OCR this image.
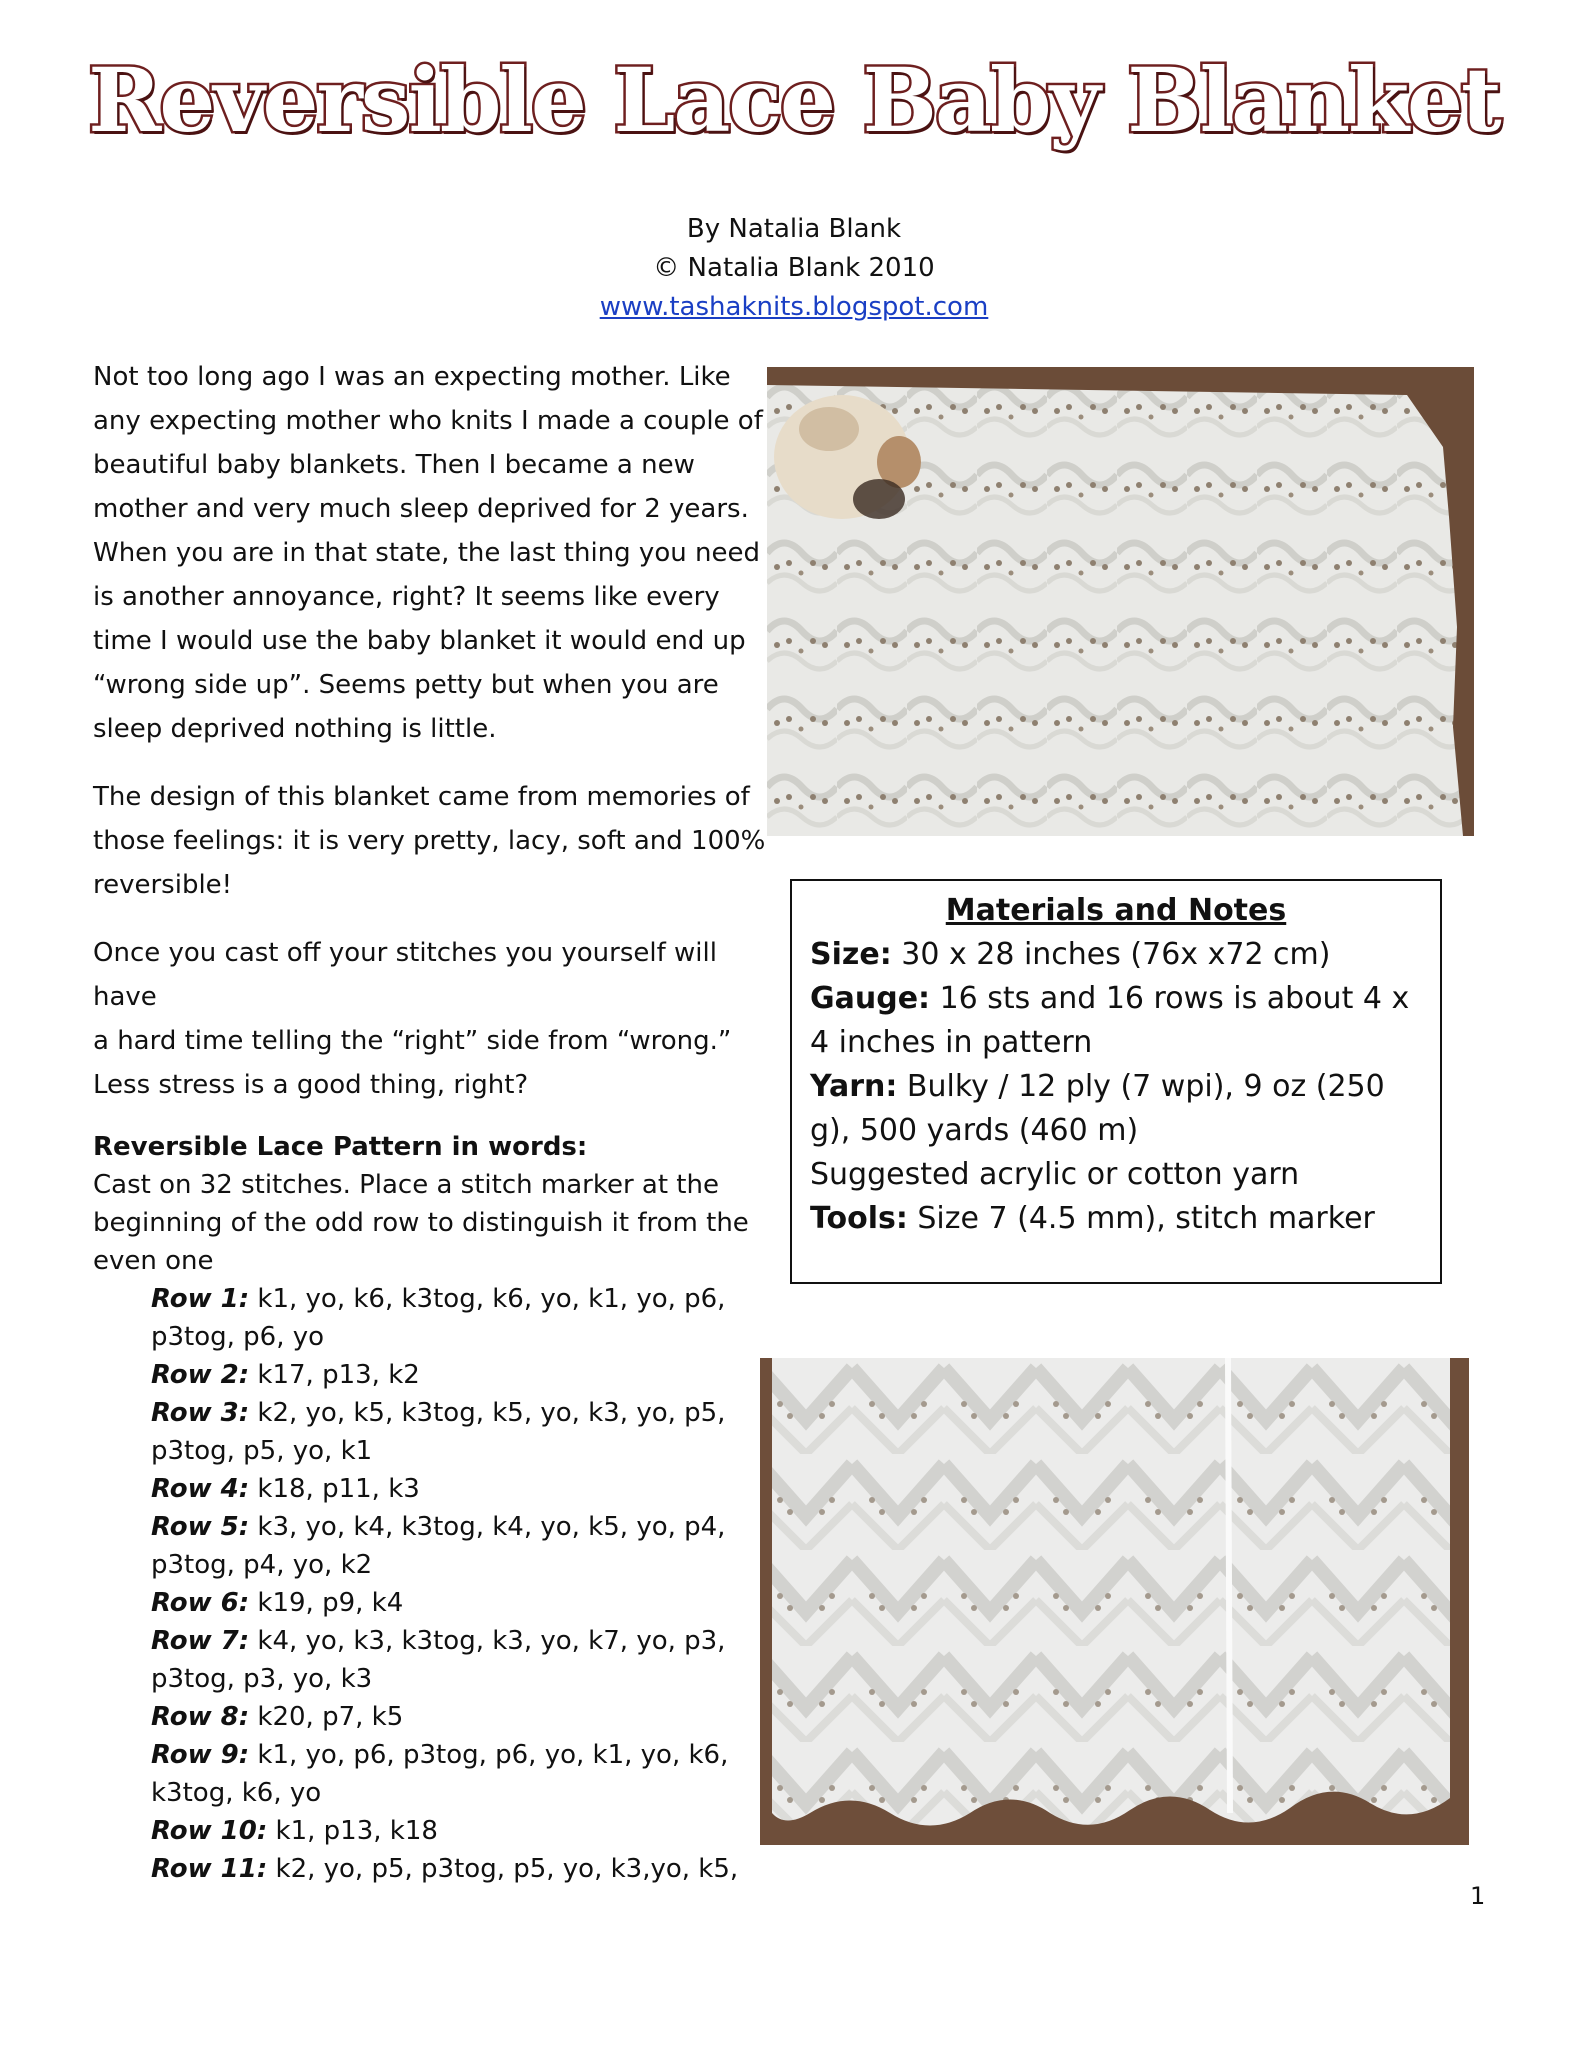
Reversible Lace Baby Blanket
By Natalia Blank
© Natalia Blank 2010
www.tashaknits.blogspot.com

Not too long ago I was an expecting mother. Like
any expecting mother who knits I made a couple of
beautiful baby blankets. Then I became a new
mother and very much sleep deprived for 2 years.
When you are in that state, the last thing you need
is another annoyance, right? It seems like every
time I would use the baby blanket it would end up
“wrong side up”. Seems petty but when you are
sleep deprived nothing is little.

The design of this blanket came from memories of
those feelings: it is very pretty, lacy, soft and 100%
reversible!

Once you cast off your stitches you yourself will have
a hard time telling the “right” side from “wrong.”
Less stress is a good thing, right?

Reversible Lace Pattern in words:
Cast on 32 stitches. Place a stitch marker at the
beginning of the odd row to distinguish it from the
even one
Row 1: k1, yo, k6, k3tog, k6, yo, k1, yo, p6,
p3tog, p6, yo
Row 2: k17, p13, k2
Row 3: k2, yo, k5, k3tog, k5, yo, k3, yo, p5,
p3tog, p5, yo, k1
Row 4: k18, p11, k3
Row 5: k3, yo, k4, k3tog, k4, yo, k5, yo, p4,
p3tog, p4, yo, k2
Row 6: k19, p9, k4
Row 7: k4, yo, k3, k3tog, k3, yo, k7, yo, p3,
p3tog, p3, yo, k3
Row 8: k20, p7, k5
Row 9: k1, yo, p6, p3tog, p6, yo, k1, yo, k6,
k3tog, k6, yo
Row 10: k1, p13, k18
Row 11: k2, yo, p5, p3tog, p5, yo, k3,yo, k5,
Materials and Notes

Size: 30 x 28 inches (76x x72 cm)

Gauge: 16 sts and 16 rows is about 4 x 4 inches in pattern

Yarn: Bulky / 12 ply (7 wpi), 9 oz (250 g), 500 yards (460 m)

Suggested acrylic or cotton yarn

Tools: Size 7 (4.5 mm), stitch marker

1
